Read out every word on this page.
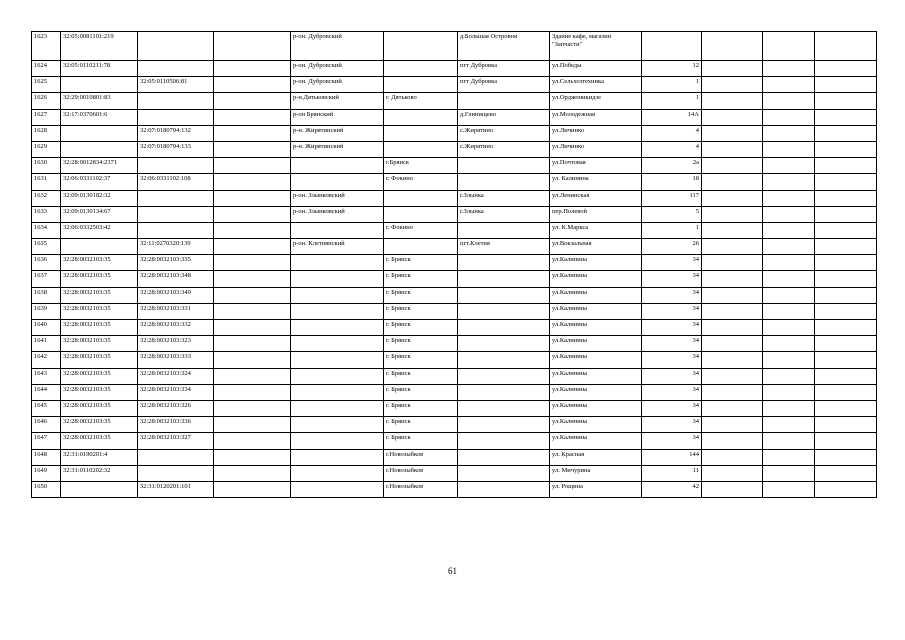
1623	32:05:0081101:219			р-он. Дубровский		д.Большая Островня	Здание кафе, магазин "Запчасти"				
1624	32:05:0110211:78			р-он. Дубровский		пгт Дубровка	ул.Победы	12			
1625		32:05:0110506:81		р-он. Дубровский		пгт Дубровка	ул.Сельхозтехника	1			
1626	32:29:0010801:83			р-н.Дятьковский	г. Дятьково		ул.Орджоникидзе	1			
1627	32:17:0370601:6			р-он Брянский		д.Глинищево	ул.Молодежная	14А			
1628		32:07:0180704:132		р-н. Жирятинский		с.Жирятино	ул.Личинко	4			
1629		32:07:0180704:133		р-н. Жирятинский		с.Жирятино	ул.Личинко	4			
1630	32:28:0012834:2371				г.Брянск		ул.Почтовая	2а			
1631	32:06:0331102:37	32:06:0331102:108			г. Фокино		ул. Калинина	18			
1632	32:09:0130182:32			р-он. Злынковский		г.Злынка	ул.Ленинская	117			
1633	32:09:0130134:67			р-он. Злынковский		г.Злынка	пер.Полевой	5			
1634	32:06:0332503:42				г. Фокино		ул. К.Маркса	1			
1635		32:11:0270320:139		р-он. Клетнянский		пгт.Клетня	ул.Вокзальная	26			
1636	32:28:0032103:35	32:28:0032103:335			г. Брянск		ул.Калинина	34			
1637	32:28:0032103:35	32:28:0032103:348			г. Брянск		ул.Калинина	34			
1638	32:28:0032103:35	32:28:0032103:349			г. Брянск		ул.Калинина	34			
1639	32:28:0032103:35	32:28:0032103:331			г. Брянск		ул.Калинина	34			
1640	32:28:0032103:35	32:28:0032103:332			г. Брянск		ул.Калинина	34			
1641	32:28:0032103:35	32:28:0032103:323			г. Брянск		ул.Калинина	34			
1642	32:28:0032103:35	32:28:0032103:333			г. Брянск		ул.Калинина	34			
1643	32:28:0032103:35	32:28:0032103:324			г. Брянск		ул.Калинина	34			
1644	32:28:0032103:35	32:28:0032103:334			г. Брянск		ул.Калинина	34			
1645	32:28:0032103:35	32:28:0032103:326			г. Брянск		ул.Калинина	34			
1646	32:28:0032103:35	32:28:0032103:336			г. Брянск		ул.Калинина	34			
1647	32:28:0032103:35	32:28:0032103:327			г. Брянск		ул.Калинина	34			
1648	32:31:0190201:4				г.Новозыбков		ул. Красная	144			
1649	32:31:0110202:32				г.Новозыбков		ул. Мичурина	11			
1650		32:31:0120201:101			г.Новозыбков		ул. Рощина	42			
61
